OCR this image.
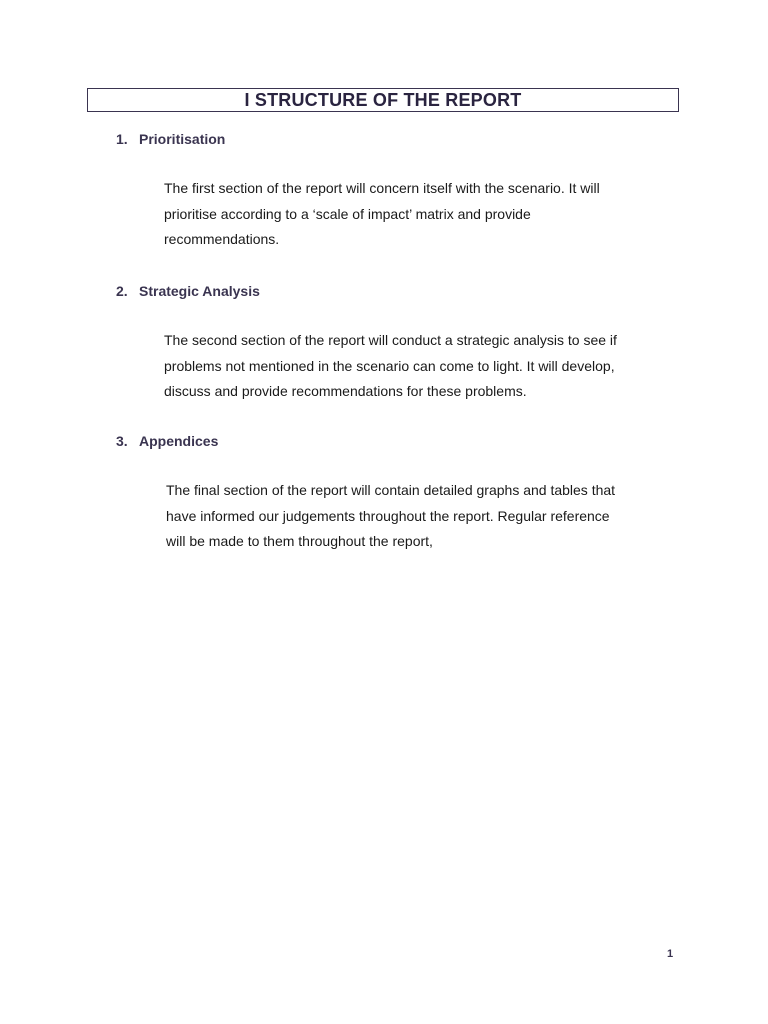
I STRUCTURE OF THE REPORT
1. Prioritisation
The first section of the report will concern itself with the scenario. It will
prioritise according to a ‘scale of impact’ matrix and provide
recommendations.
2. Strategic Analysis
The second section of the report will conduct a strategic analysis to see if
problems not mentioned in the scenario can come to light. It will develop,
discuss and provide recommendations for these problems.
3. Appendices
The final section of the report will contain detailed graphs and tables that
have informed our judgements throughout the report. Regular reference
will be made to them throughout the report,
1
